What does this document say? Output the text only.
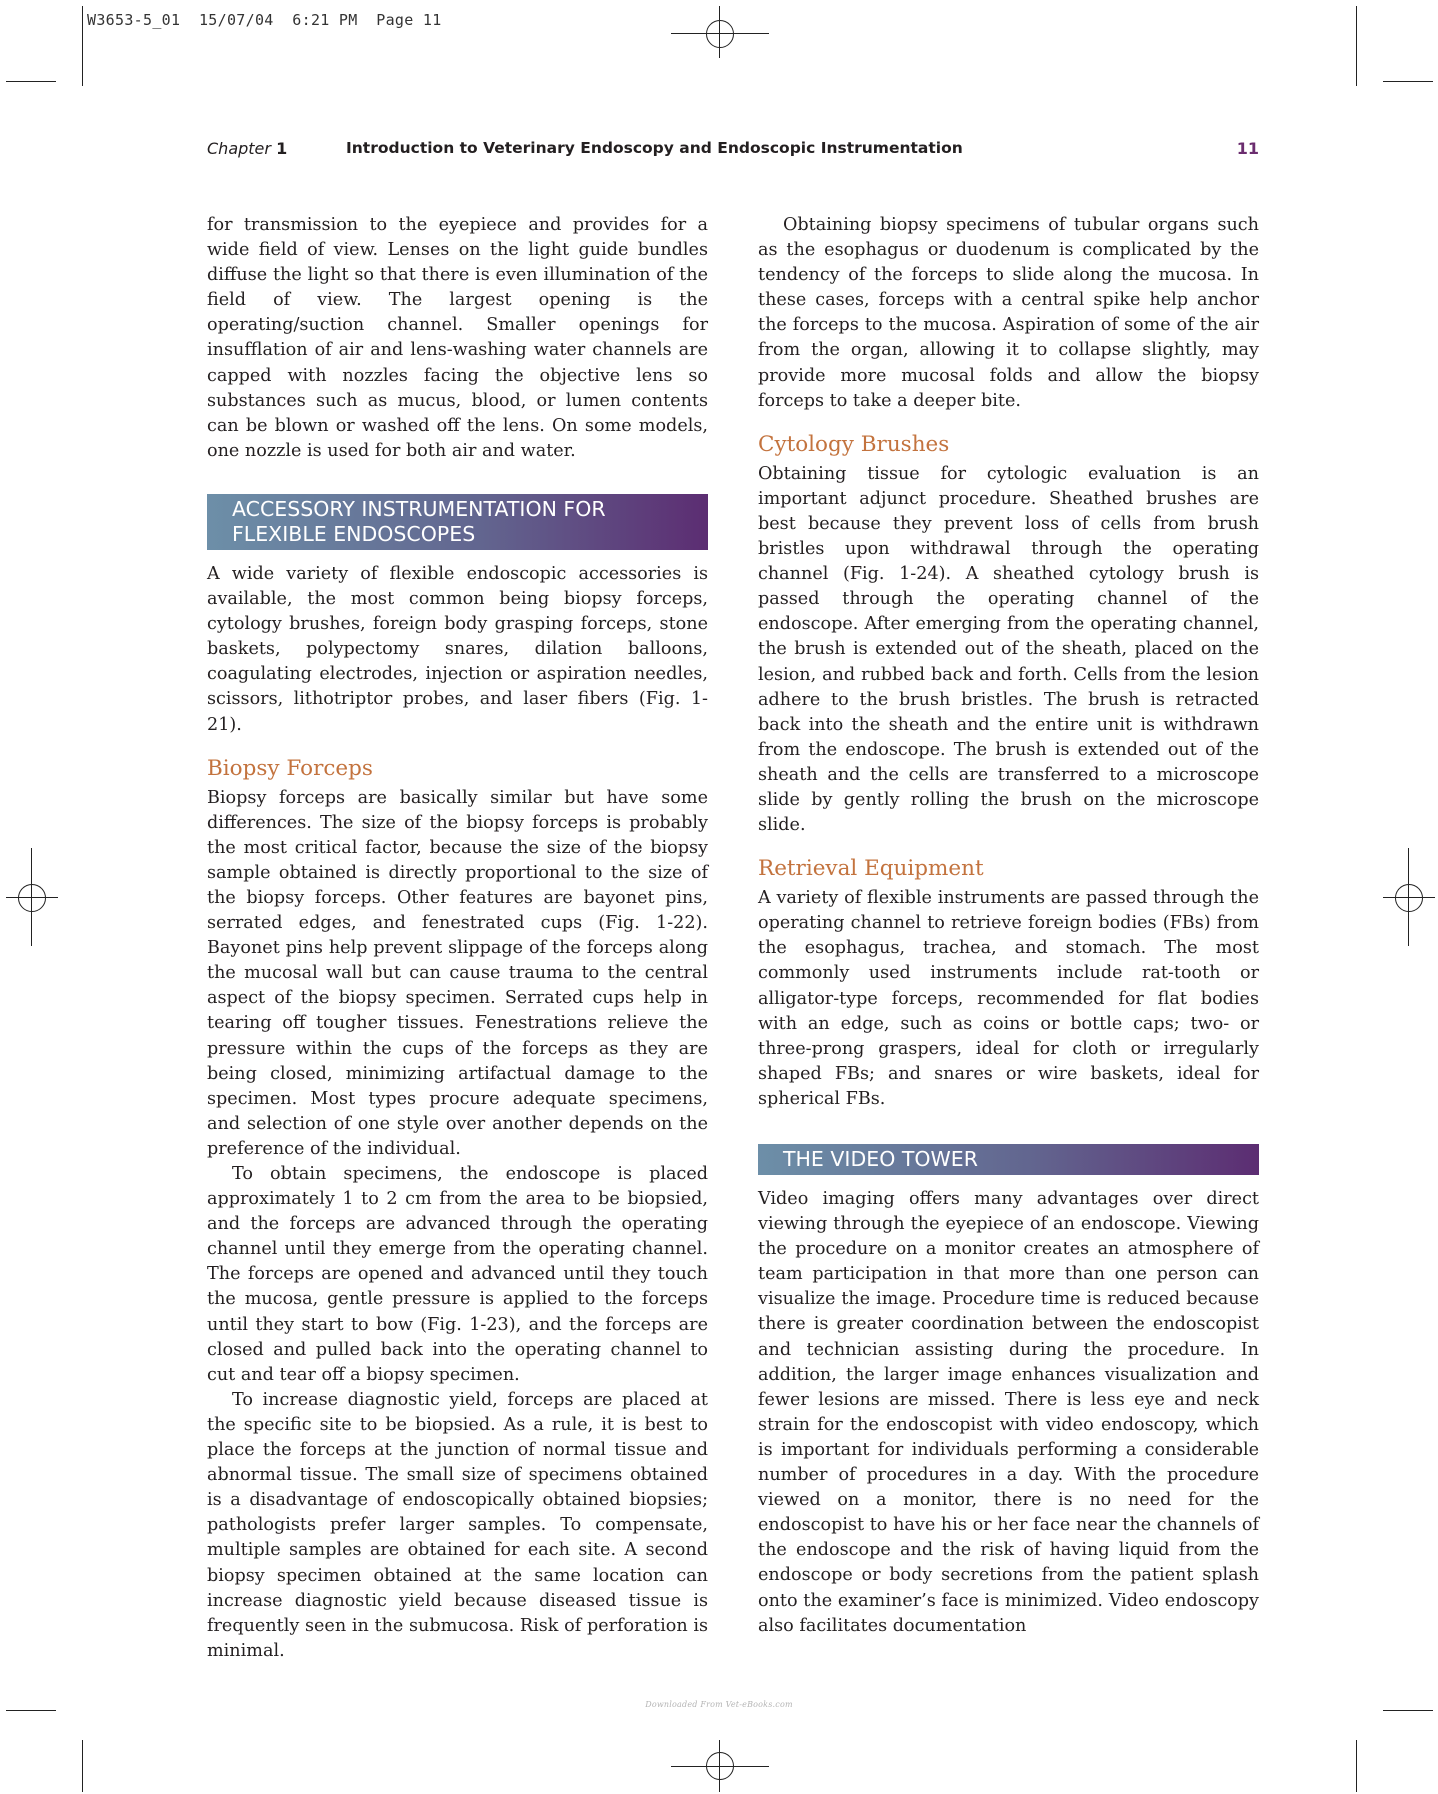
W3653-5_01  15/07/04  6:21 PM  Page 11
Chapter 1	Introduction to Veterinary Endoscopy and Endoscopic Instrumentation	11

for transmission to the eyepiece and provides for a wide field of view. Lenses on the light guide bundles diffuse the light so that there is even illumination of the field of view. The largest opening is the operating/suction channel. Smaller openings for insufflation of air and lens-washing water channels are capped with nozzles facing the objective lens so substances such as mucus, blood, or lumen contents can be blown or washed off the lens. On some models, one nozzle is used for both air and water.

ACCESSORY INSTRUMENTATION FOR
FLEXIBLE ENDOSCOPES

A wide variety of flexible endoscopic accessories is available, the most common being biopsy forceps, cytology brushes, foreign body grasping forceps, stone baskets, polypectomy snares, dilation balloons, coagulating electrodes, injection or aspiration needles, scissors, lithotriptor probes, and laser fibers (Fig. 1-21).

Biopsy Forceps

Biopsy forceps are basically similar but have some differences. The size of the biopsy forceps is probably the most critical factor, because the size of the biopsy sample obtained is directly proportional to the size of the biopsy forceps. Other features are bayonet pins, serrated edges, and fenestrated cups (Fig. 1-22). Bayonet pins help prevent slippage of the forceps along the mucosal wall but can cause trauma to the central aspect of the biopsy specimen. Serrated cups help in tearing off tougher tissues. Fenestrations relieve the pressure within the cups of the forceps as they are being closed, minimizing artifactual damage to the specimen. Most types procure adequate specimens, and selection of one style over another depends on the preference of the individual.

To obtain specimens, the endoscope is placed approximately 1 to 2 cm from the area to be biopsied, and the forceps are advanced through the operating channel until they emerge from the operating channel. The forceps are opened and advanced until they touch the mucosa, gentle pressure is applied to the forceps until they start to bow (Fig. 1-23), and the forceps are closed and pulled back into the operating channel to cut and tear off a biopsy specimen.

To increase diagnostic yield, forceps are placed at the specific site to be biopsied. As a rule, it is best to place the forceps at the junction of normal tissue and abnormal tissue. The small size of specimens obtained is a disadvantage of endoscopically obtained biopsies; pathologists prefer larger samples. To compensate, multiple samples are obtained for each site. A second biopsy specimen obtained at the same location can increase diagnostic yield because diseased tissue is frequently seen in the submucosa. Risk of perforation is minimal.

Obtaining biopsy specimens of tubular organs such as the esophagus or duodenum is complicated by the tendency of the forceps to slide along the mucosa. In these cases, forceps with a central spike help anchor the forceps to the mucosa. Aspiration of some of the air from the organ, allowing it to collapse slightly, may provide more mucosal folds and allow the biopsy forceps to take a deeper bite.

Cytology Brushes

Obtaining tissue for cytologic evaluation is an important adjunct procedure. Sheathed brushes are best because they prevent loss of cells from brush bristles upon withdrawal through the operating channel (Fig. 1-24). A sheathed cytology brush is passed through the operating channel of the endoscope. After emerging from the operating channel, the brush is extended out of the sheath, placed on the lesion, and rubbed back and forth. Cells from the lesion adhere to the brush bristles. The brush is retracted back into the sheath and the entire unit is withdrawn from the endoscope. The brush is extended out of the sheath and the cells are transferred to a microscope slide by gently rolling the brush on the microscope slide.

Retrieval Equipment

A variety of flexible instruments are passed through the operating channel to retrieve foreign bodies (FBs) from the esophagus, trachea, and stomach. The most commonly used instruments include rat-tooth or alligator-type forceps, recommended for flat bodies with an edge, such as coins or bottle caps; two- or three-prong graspers, ideal for cloth or irregularly shaped FBs; and snares or wire baskets, ideal for spherical FBs.

THE VIDEO TOWER

Video imaging offers many advantages over direct viewing through the eyepiece of an endoscope. Viewing the procedure on a monitor creates an atmosphere of team participation in that more than one person can visualize the image. Procedure time is reduced because there is greater coordination between the endoscopist and technician assisting during the procedure. In addition, the larger image enhances visualization and fewer lesions are missed. There is less eye and neck strain for the endoscopist with video endoscopy, which is important for individuals performing a considerable number of procedures in a day. With the procedure viewed on a monitor, there is no need for the endoscopist to have his or her face near the channels of the endoscope and the risk of having liquid from the endoscope or body secretions from the patient splash onto the examiner’s face is minimized. Video endoscopy also facilitates documentation

Downloaded From Vet-eBooks.com
